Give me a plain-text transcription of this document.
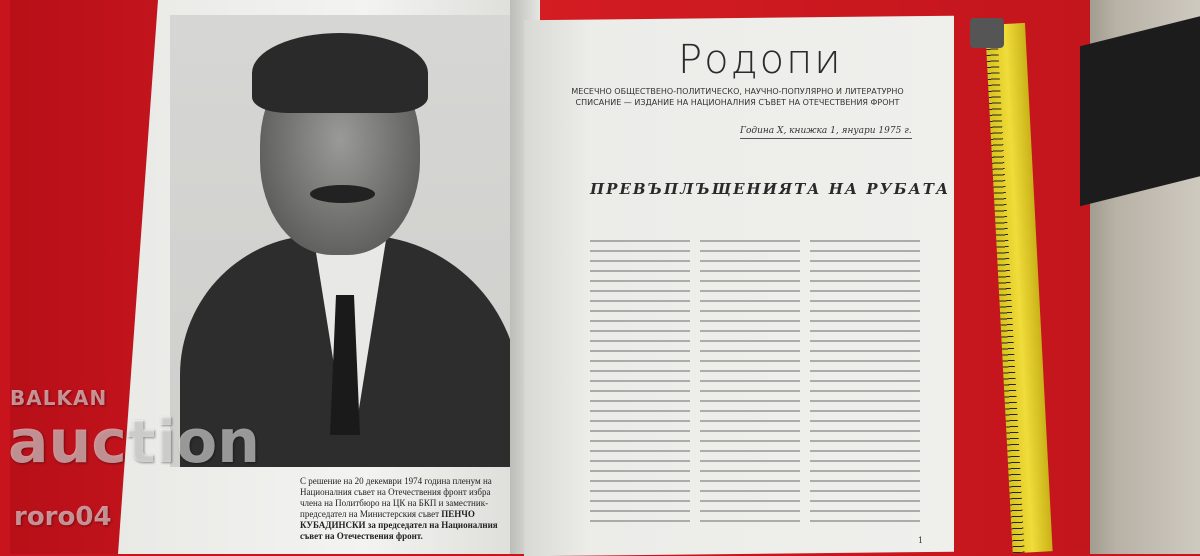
С решение на 20 декември 1974 година пленум на Националния съвет на Отечествения фронт избра члена на Политбюро на ЦК на БКП и заместник-председател на Министерския съвет ПЕНЧО КУБАДИНСКИ за председател на Националния съвет на Отечествения фронт.
Родопи
МЕСЕЧНО ОБЩЕСТВЕНО-ПОЛИТИЧЕСКО, НАУЧНО-ПОПУЛЯРНО И ЛИТЕРАТУРНО СПИСАНИЕ — ИЗДАНИЕ НА НАЦИОНАЛНИЯ СЪВЕТ НА ОТЕЧЕСТВЕНИЯ ФРОНТ
Година X, книжка 1, януари 1975 г.
ПРЕВЪПЛЪЩЕНИЯТА НА РУБАТА
1
BALKAN
auction
roro04
